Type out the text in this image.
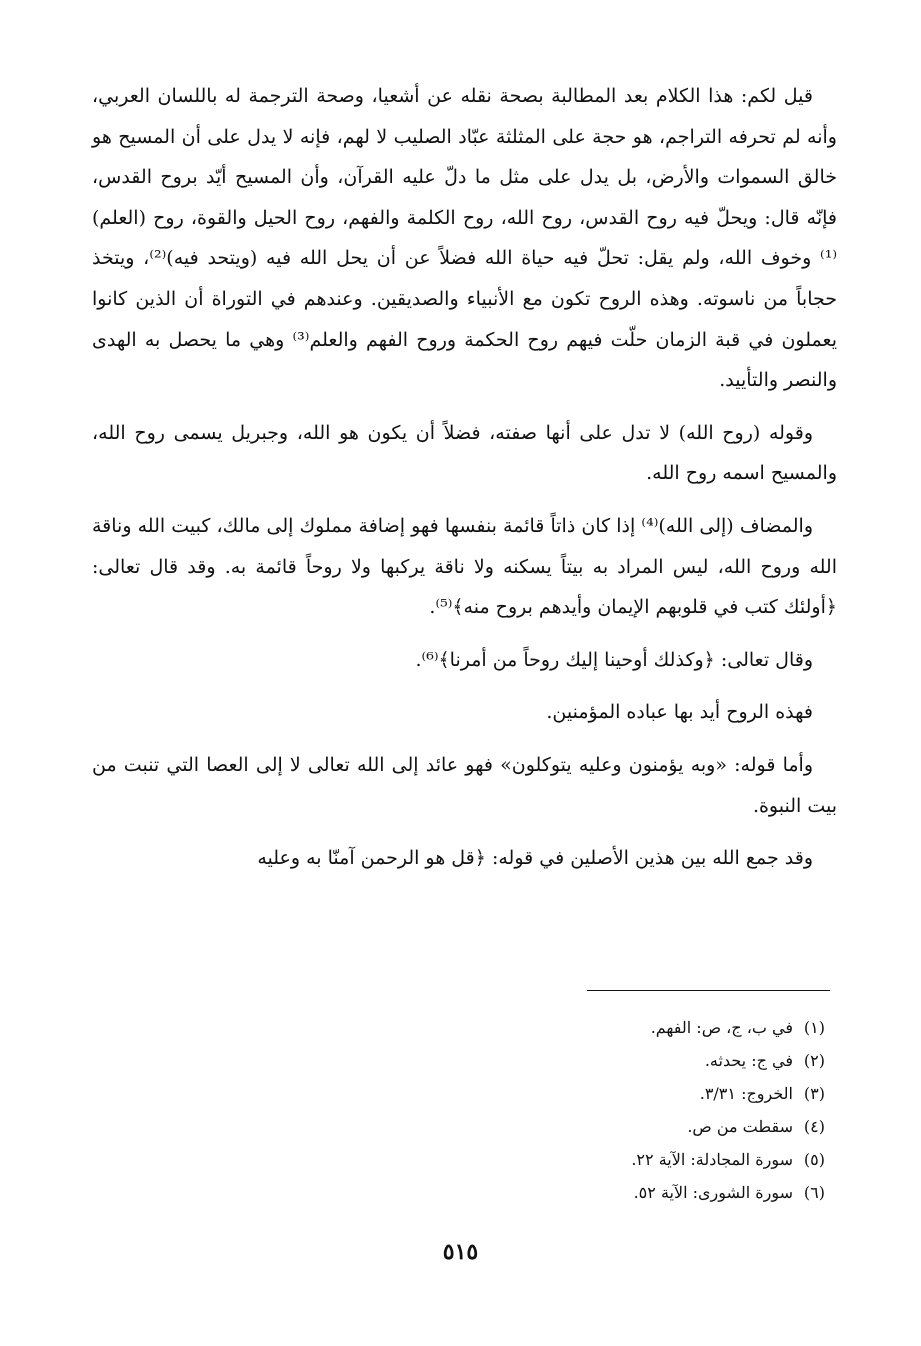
قيل لكم: هذا الكلام بعد المطالبة بصحة نقله عن أشعيا، وصحة الترجمة له باللسان العربي، وأنه لم تحرفه التراجم، هو حجة على المثلثة عبّاد الصليب لا لهم، فإنه لا يدل على أن المسيح هو خالق السموات والأرض، بل يدل على مثل ما دلّ عليه القرآن، وأن المسيح أيّد بروح القدس، فإنّه قال: ويحلّ فيه روح القدس، روح الله، روح الكلمة والفهم، روح الحيل والقوة، روح (العلم)⁽¹⁾ وخوف الله، ولم يقل: تحلّ فيه حياة الله فضلاً عن أن يحل الله فيه (ويتحد فيه)⁽²⁾، ويتخذ حجاباً من ناسوته. وهذه الروح تكون مع الأنبياء والصديقين. وعندهم في التوراة أن الذين كانوا يعملون في قبة الزمان حلّت فيهم روح الحكمة وروح الفهم والعلم⁽³⁾ وهي ما يحصل به الهدى والنصر والتأييد.

وقوله (روح الله) لا تدل على أنها صفته، فضلاً أن يكون هو الله، وجبريل يسمى روح الله، والمسيح اسمه روح الله.

والمضاف (إلى الله)⁽⁴⁾ إذا كان ذاتاً قائمة بنفسها فهو إضافة مملوك إلى مالك، كبيت الله وناقة الله وروح الله، ليس المراد به بيتاً يسكنه ولا ناقة يركبها ولا روحاً قائمة به. وقد قال تعالى: ﴿أولئك كتب في قلوبهم الإيمان وأيدهم بروح منه﴾⁽⁵⁾.

وقال تعالى: ﴿وكذلك أوحينا إليك روحاً من أمرنا﴾⁽⁶⁾.

فهذه الروح أيد بها عباده المؤمنين.

وأما قوله: «وبه يؤمنون وعليه يتوكلون» فهو عائد إلى الله تعالى لا إلى العصا التي تنبت من بيت النبوة.

وقد جمع الله بين هذين الأصلين في قوله: ﴿قل هو الرحمن آمنّا به وعليه

(١)في ب، ج، ص: الفهم.
(٢)في ج: يحدثه.
(٣)الخروج: ٣/٣١.
(٤)سقطت من ص.
(٥)سورة المجادلة: الآية ٢٢.
(٦)سورة الشورى: الآية ٥٢.
٥١٥
